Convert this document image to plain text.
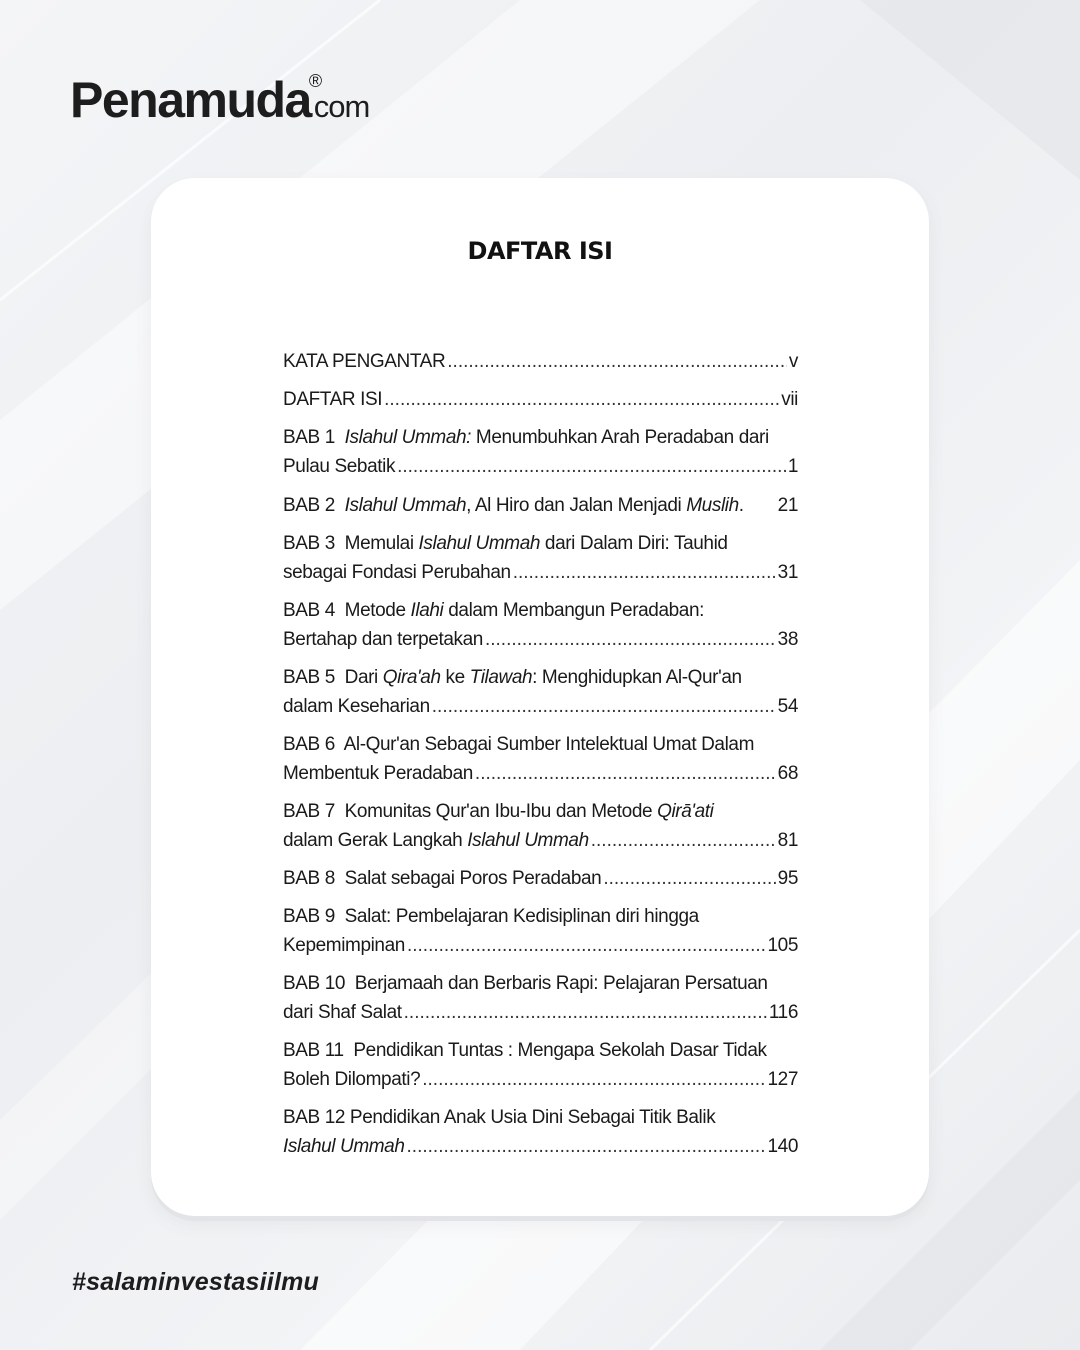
Penamuda
®
.com
DAFTAR ISI
KATA PENGANTAR .....	v
DAFTAR ISI .....	vii
BAB 1 Islahul Ummah: Menumbuhkan Arah Peradaban dari
Pulau Sebatik .....	1
BAB 2 Islahul Ummah, Al Hiro dan Jalan Menjadi Muslih. 21
BAB 3 Memulai Islahul Ummah dari Dalam Diri: Tauhid
sebagai Fondasi Perubahan .....	31
BAB 4 Metode Ilahi dalam Membangun Peradaban:
Bertahap dan terpetakan .....	38
BAB 5 Dari Qira'ah ke Tilawah: Menghidupkan Al-Qur'an
dalam Keseharian .....	54
BAB 6 Al-Qur'an Sebagai Sumber Intelektual Umat Dalam
Membentuk Peradaban .....	68
BAB 7 Komunitas Qur'an Ibu-Ibu dan Metode Qirā'ati
dalam Gerak Langkah Islahul Ummah .....	81
BAB 8 Salat sebagai Poros Peradaban .....	95
BAB 9 Salat: Pembelajaran Kedisiplinan diri hingga
Kepemimpinan .....	105
BAB 10 Berjamaah dan Berbaris Rapi: Pelajaran Persatuan
dari Shaf Salat .....	116
BAB 11 Pendidikan Tuntas : Mengapa Sekolah Dasar Tidak
Boleh Dilompati? .....	127
BAB 12 Pendidikan Anak Usia Dini Sebagai Titik Balik
Islahul Ummah .....	140
#salaminvestasiilmu
